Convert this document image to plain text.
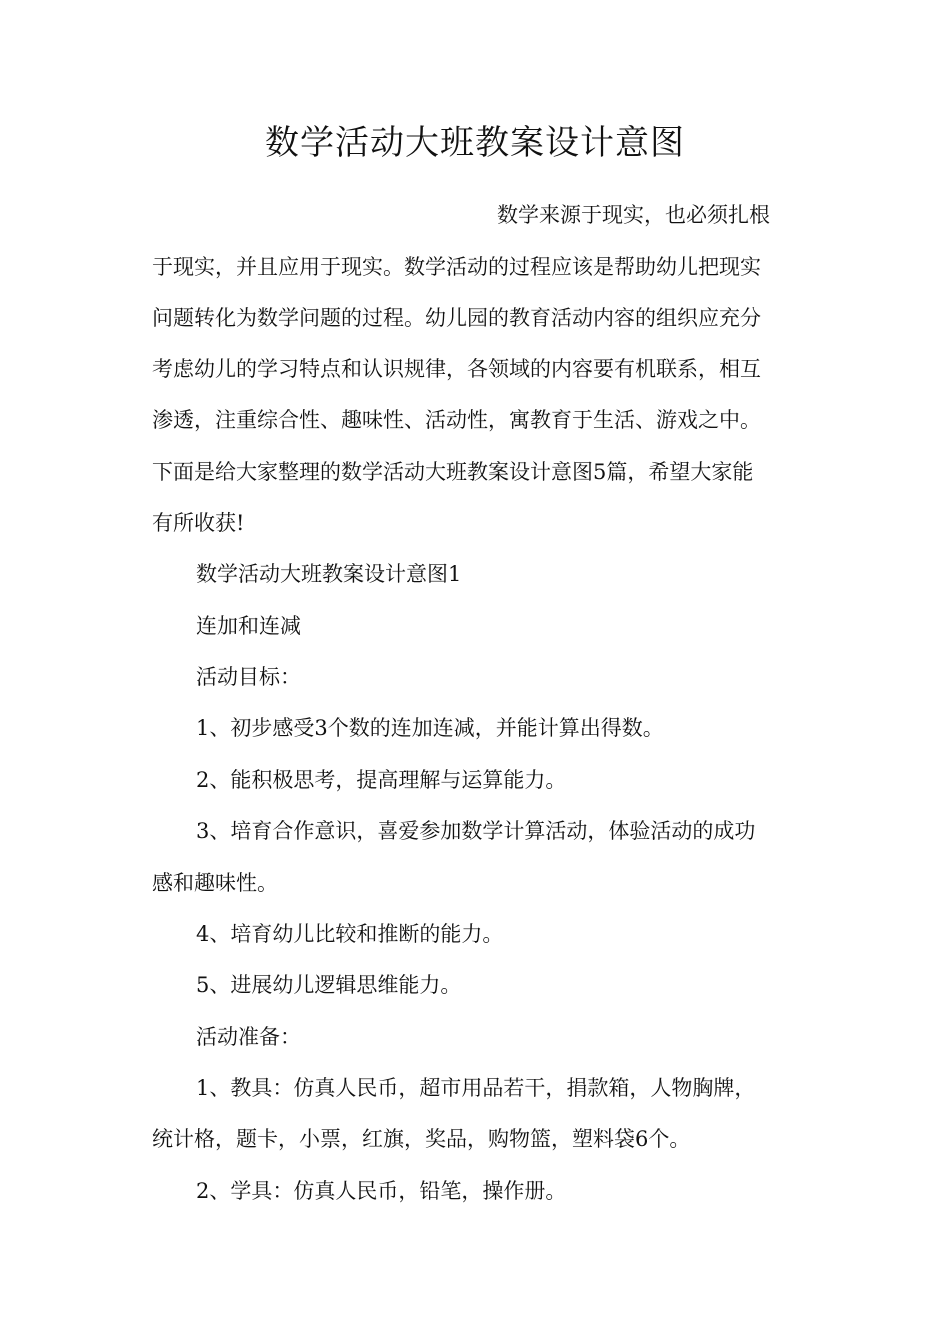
数学活动大班教案设计意图
数学来源于现实，也必须扎根
于现实，并且应用于现实。数学活动的过程应该是帮助幼儿把现实
问题转化为数学问题的过程。幼儿园的教育活动内容的组织应充分
考虑幼儿的学习特点和认识规律，各领域的内容要有机联系，相互
渗透，注重综合性、趣味性、活动性，寓教育于生活、游戏之中。
下面是给大家整理的数学活动大班教案设计意图5篇，希望大家能
有所收获!
数学活动大班教案设计意图1
连加和连减
活动目标：
1、初步感受3个数的连加连减，并能计算出得数。
2、能积极思考，提高理解与运算能力。
3、培育合作意识，喜爱参加数学计算活动，体验活动的成功
感和趣味性。
4、培育幼儿比较和推断的能力。
5、进展幼儿逻辑思维能力。
活动准备：
1、教具：仿真人民币，超市用品若干，捐款箱，人物胸牌，
统计格，题卡，小票，红旗，奖品，购物篮，塑料袋6个。
2、学具：仿真人民币，铅笔，操作册。
